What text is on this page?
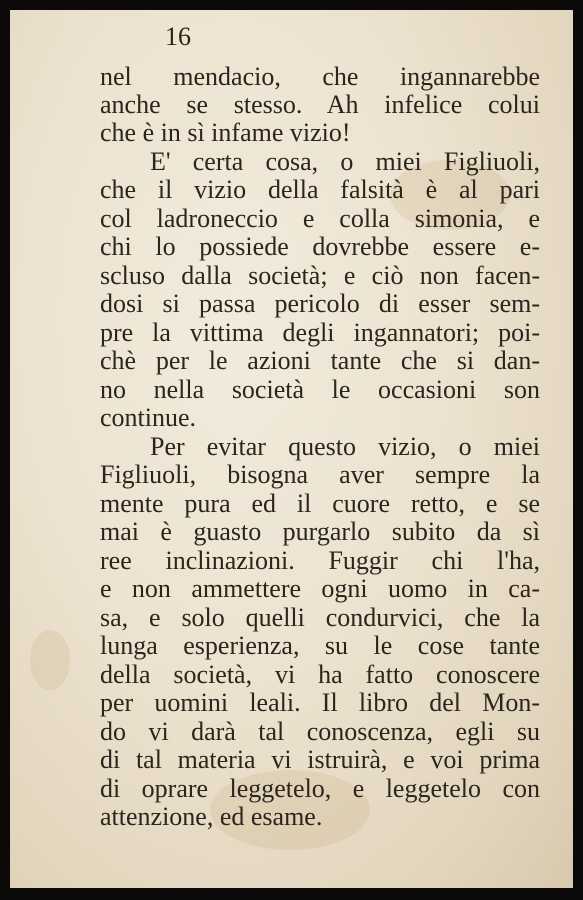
16
nel mendacio, che ingannarebbe
anche se stesso. Ah infelice colui
che è in sì infame vizio!
E' certa cosa, o miei Figliuoli,
che il vizio della falsità è al pari
col ladroneccio e colla simonia, e
chi lo possiede dovrebbe essere e-
scluso dalla società; e ciò non facen-
dosi si passa pericolo di esser sem-
pre la vittima degli ingannatori; poi-
chè per le azioni tante che si dan-
no nella società le occasioni son
continue.
Per evitar questo vizio, o miei
Figliuoli, bisogna aver sempre la
mente pura ed il cuore retto, e se
mai è guasto purgarlo subito da sì
ree inclinazioni. Fuggir chi l'ha,
e non ammettere ogni uomo in ca-
sa, e solo quelli condurvici, che la
lunga esperienza, su le cose tante
della società, vi ha fatto conoscere
per uomini leali. Il libro del Mon-
do vi darà tal conoscenza, egli su
di tal materia vi istruirà, e voi prima
di oprare leggetelo, e leggetelo con
attenzione, ed esame.
